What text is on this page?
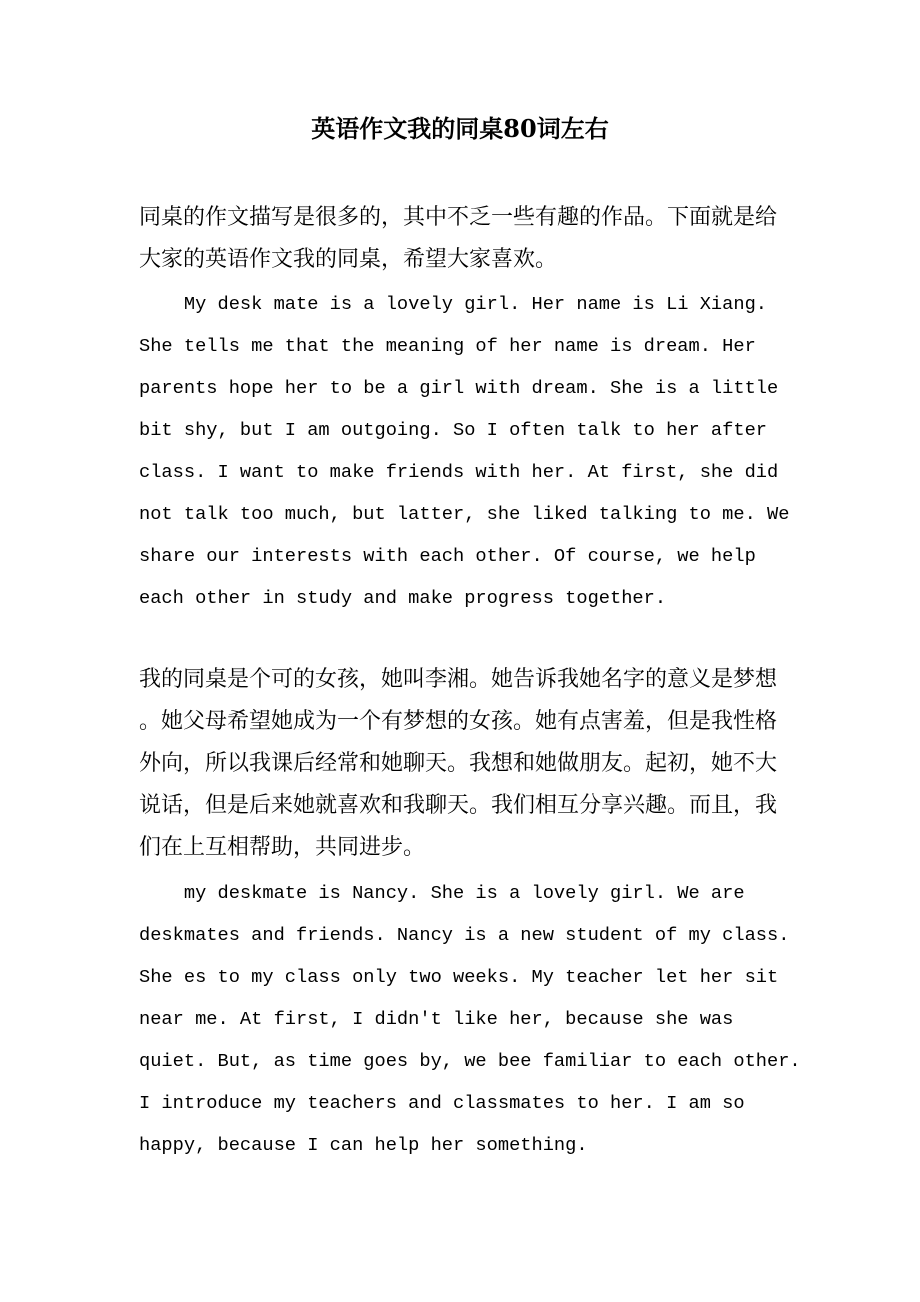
英语作文我的同桌80词左右
同桌的作文描写是很多的，其中不乏一些有趣的作品。下面就是给
大家的英语作文我的同桌，希望大家喜欢。
My desk mate is a lovely girl. Her name is Li Xiang.
She tells me that the meaning of her name is dream. Her
parents hope her to be a girl with dream. She is a little
bit shy, but I am outgoing. So I often talk to her after
class. I want to make friends with her. At first, she did
not talk too much, but latter, she liked talking to me. We
share our interests with each other. Of course, we help
each other in study and make progress together.
我的同桌是个可的女孩，她叫李湘。她告诉我她名字的意义是梦想
。她父母希望她成为一个有梦想的女孩。她有点害羞，但是我性格
外向，所以我课后经常和她聊天。我想和她做朋友。起初，她不大
说话，但是后来她就喜欢和我聊天。我们相互分享兴趣。而且，我
们在上互相帮助，共同进步。
my deskmate is Nancy. She is a lovely girl. We are
deskmates and friends. Nancy is a new student of my class.
She es to my class only two weeks. My teacher let her sit
near me. At first, I didn't like her, because she was
quiet. But, as time goes by, we bee familiar to each other.
I introduce my teachers and classmates to her. I am so
happy, because I can help her something.
